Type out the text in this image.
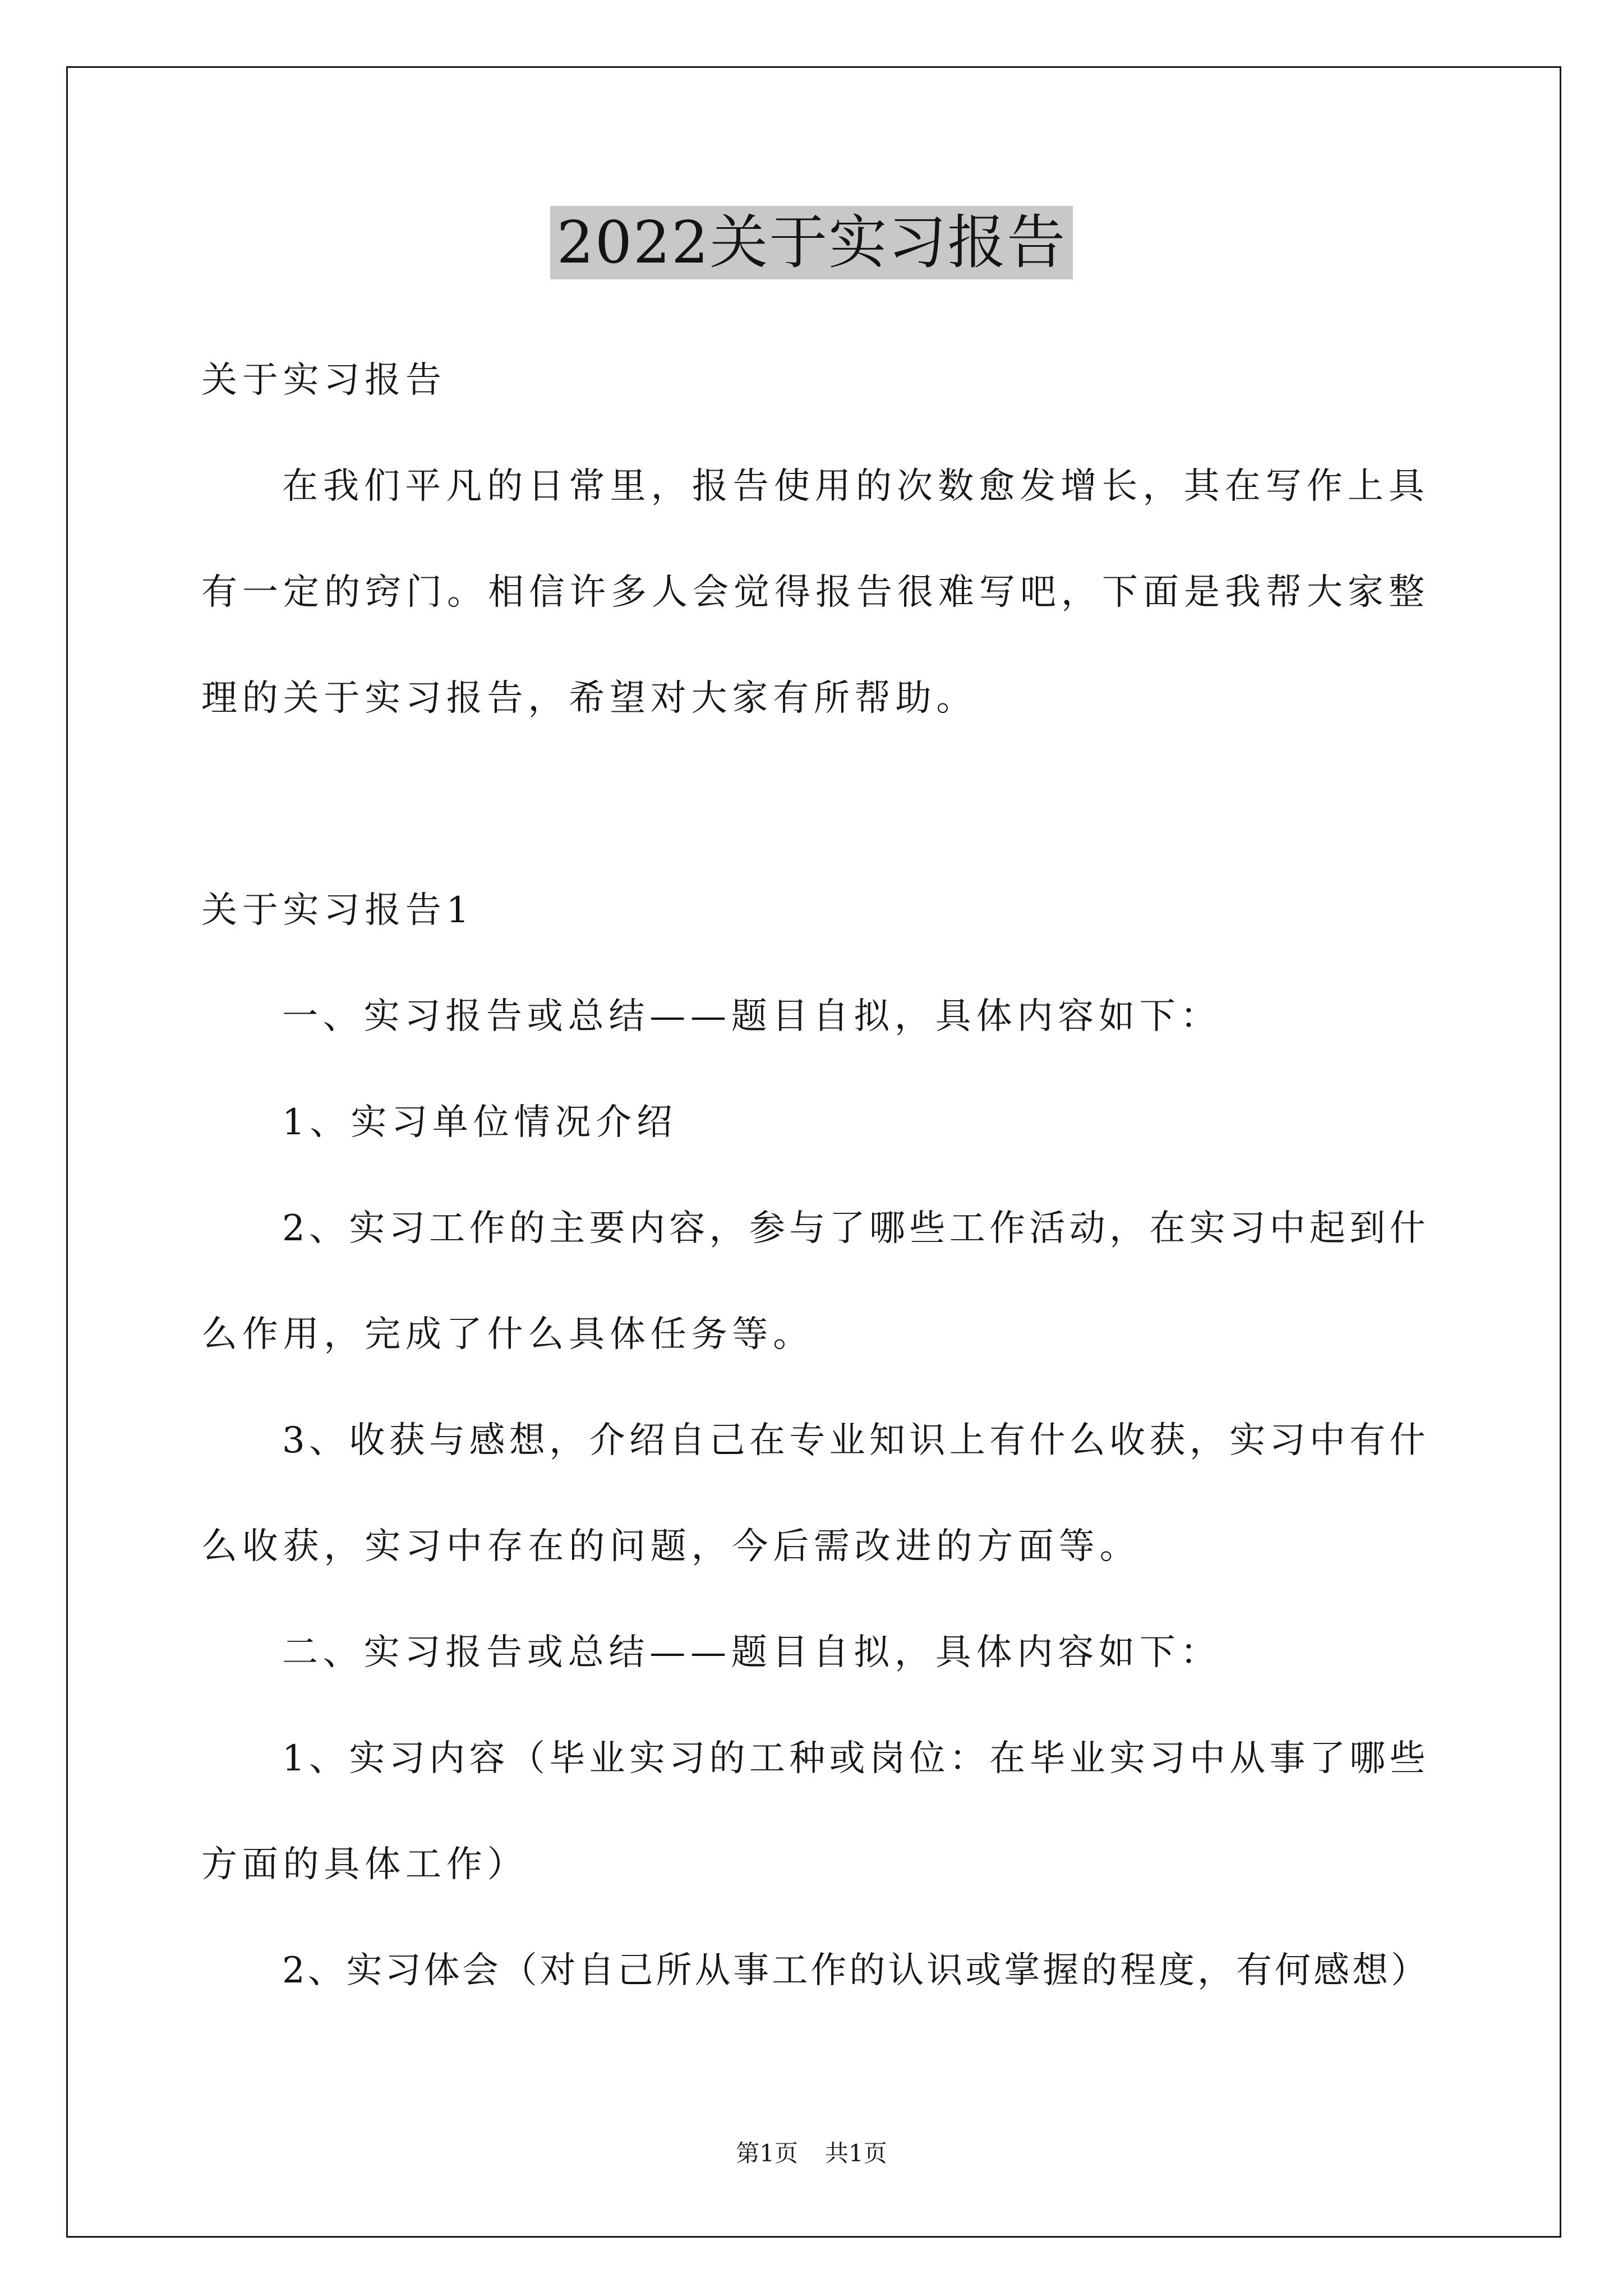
2022关于实习报告
关于实习报告
在我们平凡的日常里，报告使用的次数愈发增长，其在写作上具
有一定的窍门。相信许多人会觉得报告很难写吧，下面是我帮大家整
理的关于实习报告，希望对大家有所帮助。
关于实习报告1
一、实习报告或总结——题目自拟，具体内容如下：
1、实习单位情况介绍
2、实习工作的主要内容，参与了哪些工作活动，在实习中起到什
么作用，完成了什么具体任务等。
3、收获与感想，介绍自己在专业知识上有什么收获，实习中有什
么收获，实习中存在的问题，今后需改进的方面等。
二、实习报告或总结——题目自拟，具体内容如下：
1、实习内容（毕业实习的工种或岗位：在毕业实习中从事了哪些
方面的具体工作）
2、实习体会（对自己所从事工作的认识或掌握的程度，有何感想）
第1页 共1页
